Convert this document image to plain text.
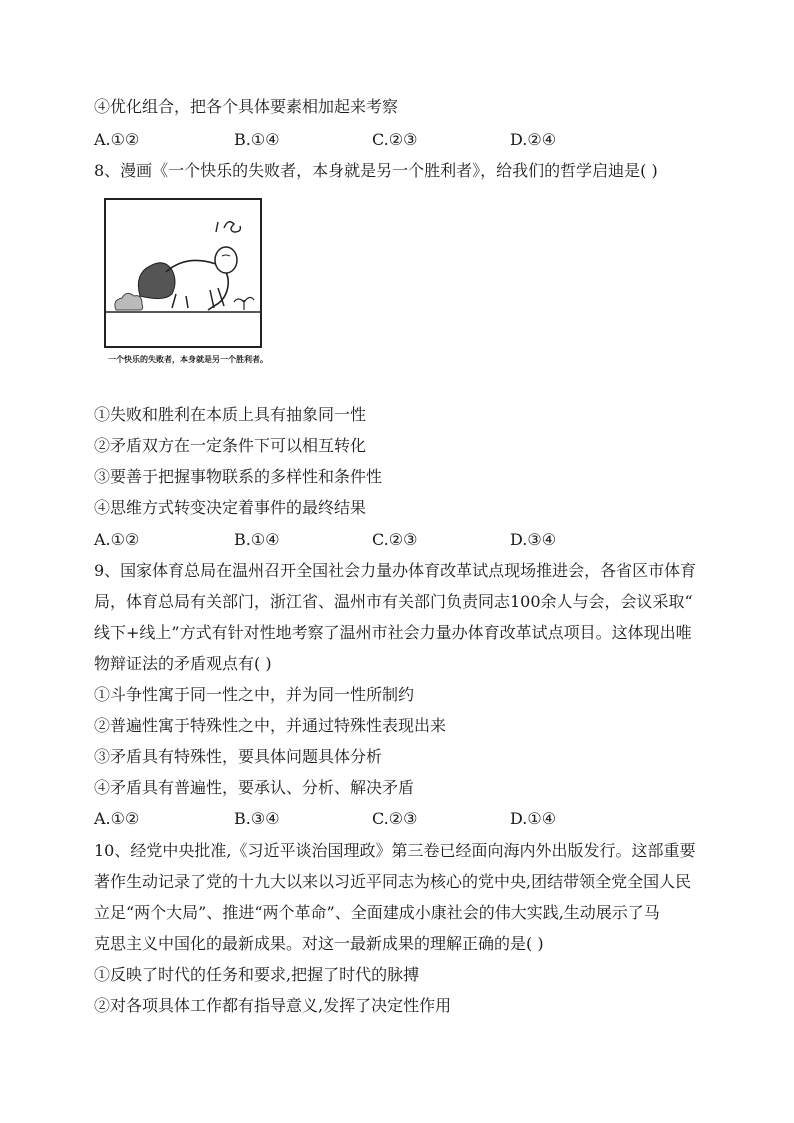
④优化组合，把各个具体要素相加起来考察
A.①②	B.①④	C.②③	D.②④
8、漫画《一个快乐的失败者，本身就是另一个胜利者》，给我们的哲学启迪是( )
一个快乐的失败者，本身就是另一个胜利者。
①失败和胜利在本质上具有抽象同一性
②矛盾双方在一定条件下可以相互转化
③要善于把握事物联系的多样性和条件性
④思维方式转变决定着事件的最终结果
A.①②	B.①④	C.②③	D.③④
9、国家体育总局在温州召开全国社会力量办体育改革试点现场推进会，各省区市体育
局，体育总局有关部门，浙江省、温州市有关部门负责同志100余人与会，会议采取“
线下+线上”方式有针对性地考察了温州市社会力量办体育改革试点项目。这体现出唯
物辩证法的矛盾观点有( )
①斗争性寓于同一性之中，并为同一性所制约
②普遍性寓于特殊性之中，并通过特殊性表现出来
③矛盾具有特殊性，要具体问题具体分析
④矛盾具有普遍性，要承认、分析、解决矛盾
A.①②	B.③④	C.②③	D.①④
10、经党中央批准,《习近平谈治国理政》第三卷已经面向海内外出版发行。这部重要
著作生动记录了党的十九大以来以习近平同志为核心的党中央,团结带领全党全国人民
立足“两个大局”、推进“两个革命”、全面建成小康社会的伟大实践,生动展示了马
克思主义中国化的最新成果。对这一最新成果的理解正确的是( )
①反映了时代的任务和要求,把握了时代的脉搏
②对各项具体工作都有指导意义,发挥了决定性作用
